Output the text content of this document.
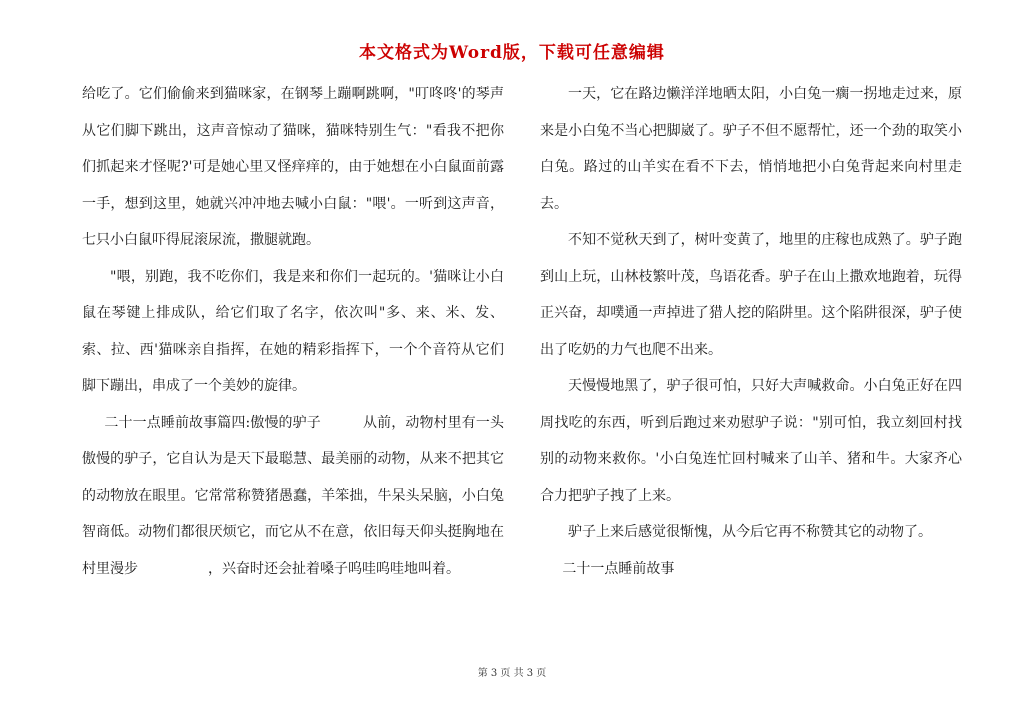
本文格式为Word版，下载可任意编辑

给吃了。它们偷偷来到猫咪家，在钢琴上蹦啊跳啊，"叮咚咚'的琴声从它们脚下跳出，这声音惊动了猫咪，猫咪特别生气："看我不把你们抓起来才怪呢?'可是她心里又怪痒痒的，由于她想在小白鼠面前露一手，想到这里，她就兴冲冲地去喊小白鼠："喂'。一听到这声音，七只小白鼠吓得屁滚尿流，撒腿就跑。

"喂，别跑，我不吃你们，我是来和你们一起玩的。'猫咪让小白鼠在琴键上排成队，给它们取了名字，依次叫"多、来、米、发、索、拉、西'猫咪亲自指挥，在她的精彩指挥下，一个个音符从它们脚下蹦出，串成了一个美妙的旋律。

二十一点睡前故事篇四:傲慢的驴子	从前，动物村里有一头傲慢的驴子，它自认为是天下最聪慧、最美丽的动物，从来不把其它的动物放在眼里。它常常称赞猪愚蠢，羊笨拙，牛呆头呆脑，小白兔智商低。动物们都很厌烦它，而它从不在意，依旧每天仰头挺胸地在村里漫步	，兴奋时还会扯着嗓子呜哇呜哇地叫着。

一天，它在路边懒洋洋地晒太阳，小白兔一瘸一拐地走过来，原来是小白兔不当心把脚崴了。驴子不但不愿帮忙，还一个劲的取笑小白兔。路过的山羊实在看不下去，悄悄地把小白兔背起来向村里走去。

不知不觉秋天到了，树叶变黄了，地里的庄稼也成熟了。驴子跑到山上玩，山林枝繁叶茂，鸟语花香。驴子在山上撒欢地跑着，玩得正兴奋，却噗通一声掉进了猎人挖的陷阱里。这个陷阱很深，驴子使出了吃奶的力气也爬不出来。

天慢慢地黑了，驴子很可怕，只好大声喊救命。小白兔正好在四周找吃的东西，听到后跑过来劝慰驴子说："别可怕，我立刻回村找别的动物来救你。'小白兔连忙回村喊来了山羊、猪和牛。大家齐心合力把驴子拽了上来。

驴子上来后感觉很惭愧，从今后它再不称赞其它的动物了。

二十一点睡前故事

第 3 页 共 3 页
